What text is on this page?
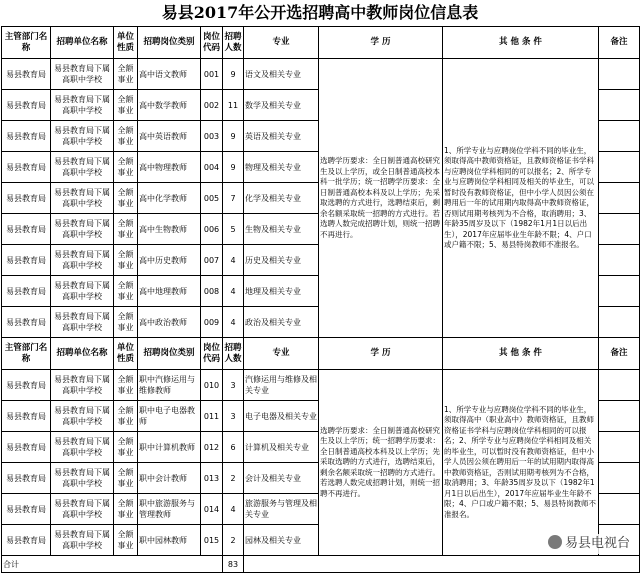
易县2017年公开选招聘高中教师岗位信息表
主管部门名称	招聘单位名称	单位性质	招聘岗位类别	岗位代码	招聘人数	专业	学 历	其 他 条 件	备注
易县教育局	易县教育局下属高职中学校	全额事业	高中语文教师	001	9	语文及相关专业	选聘学历要求：全日制普通高校研究生及以上学历，或全日制普通高校本科一批学历；统一招聘学历要求：全日制普通高校本科及以上学历；先采取选聘的方式进行，选聘结束后，剩余名额采取统一招聘的方式进行。若选聘人数完成招聘计划，则统一招聘不再进行。	1、所学专业与应聘岗位学科不同的毕业生，须取得高中教师资格证，且教师资格证书学科与应聘岗位学科相同的可以报名；2、所学专业与应聘岗位学科相同及相关的毕业生，可以暂时没有教师资格证，但中小学人员因公须在聘用后一年的试用期内取得高中教师资格证，否则试用期考核列为不合格，取消聘用；3、年龄35周岁及以下（1982年1月1日以后出生），2017年应届毕业生年龄不限；4、户口或户籍不限；5、易县特岗教师不准报名。	
易县教育局	易县教育局下属高职中学校	全额事业	高中数学教师	002	11	数学及相关专业			
易县教育局	易县教育局下属高职中学校	全额事业	高中英语教师	003	9	英语及相关专业			
易县教育局	易县教育局下属高职中学校	全额事业	高中物理教师	004	9	物理及相关专业			
易县教育局	易县教育局下属高职中学校	全额事业	高中化学教师	005	7	化学及相关专业			
易县教育局	易县教育局下属高职中学校	全额事业	高中生物教师	006	5	生物及相关专业			
易县教育局	易县教育局下属高职中学校	全额事业	高中历史教师	007	4	历史及相关专业			
易县教育局	易县教育局下属高职中学校	全额事业	高中地理教师	008	4	地理及相关专业			
易县教育局	易县教育局下属高职中学校	全额事业	高中政治教师	009	4	政治及相关专业			
主管部门名称	招聘单位名称	单位性质	招聘岗位类别	岗位代码	招聘人数	专业	学 历	其 他 条 件	备注
易县教育局	易县教育局下属高职中学校	全额事业	职中汽修运用与维修教师	010	3	汽修运用与维修及相关专业	选聘学历要求：全日制普通高校研究生及以上学历；统一招聘学历要求：全日制普通高校本科及以上学历；先采取选聘的方式进行，选聘结束后，剩余名额采取统一招聘的方式进行。若选聘人数完成招聘计划，则统一招聘不再进行。	1、所学专业与应聘岗位学科不同的毕业生，须取得高中（职业高中）教师资格证，且教师资格证书学科与应聘岗位学科相同的可以报名；2、所学专业与应聘岗位学科相同及相关的毕业生，可以暂时没有教师资格证，但中小学人员因公须在聘用后一年的试用期内取得高中教师资格证，否则试用期考核列为不合格，取消聘用；3、年龄35周岁及以下（1982年1月1日以后出生），2017年应届毕业生年龄不限；4、户口或户籍不限；5、易县特岗教师不准报名。	
易县教育局	易县教育局下属高职中学校	全额事业	职中电子电器教师	011	3	电子电器及相关专业			
易县教育局	易县教育局下属高职中学校	全额事业	职中计算机教师	012	6	计算机及相关专业			
易县教育局	易县教育局下属高职中学校	全额事业	职中会计教师	013	2	会计及相关专业			
易县教育局	易县教育局下属高职中学校	全额事业	职中旅游服务与管理教师	014	4	旅游服务与管理及相关专业			
易县教育局	易县教育局下属高职中学校	全额事业	职中园林教师	015	2	园林及相关专业			
合计					83				
易县电视台
